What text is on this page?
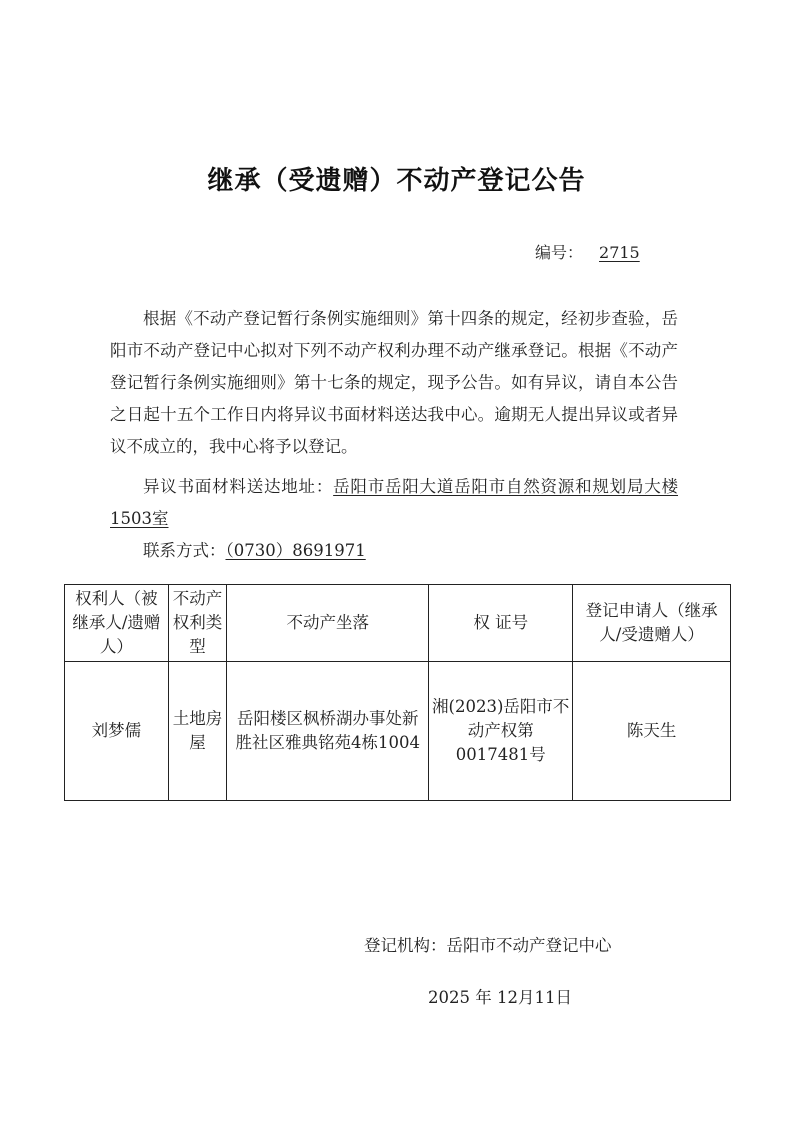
继承（受遗赠）不动产登记公告
编号： 2715

根据《不动产登记暂行条例实施细则》第十四条的规定，经初步查验，岳阳市不动产登记中心拟对下列不动产权利办理不动产继承登记。根据《不动产登记暂行条例实施细则》第十七条的规定，现予公告。如有异议，请自本公告之日起十五个工作日内将异议书面材料送达我中心。逾期无人提出异议或者异议不成立的，我中心将予以登记。

异议书面材料送达地址：岳阳市岳阳大道岳阳市自然资源和规划局大楼1503室

联系方式：（0730）8691971

权利人（被继承人/遗赠人）	不动产权利类型	不动产坐落	权 证号	登记申请人（继承人/受遗赠人）
刘梦儒	土地房屋	岳阳楼区枫桥湖办事处新胜社区雅典铭苑4栋1004	湘(2023)岳阳市不动产权第0017481号	陈天生
登记机构：岳阳市不动产登记中心
2025 年 12月11日
